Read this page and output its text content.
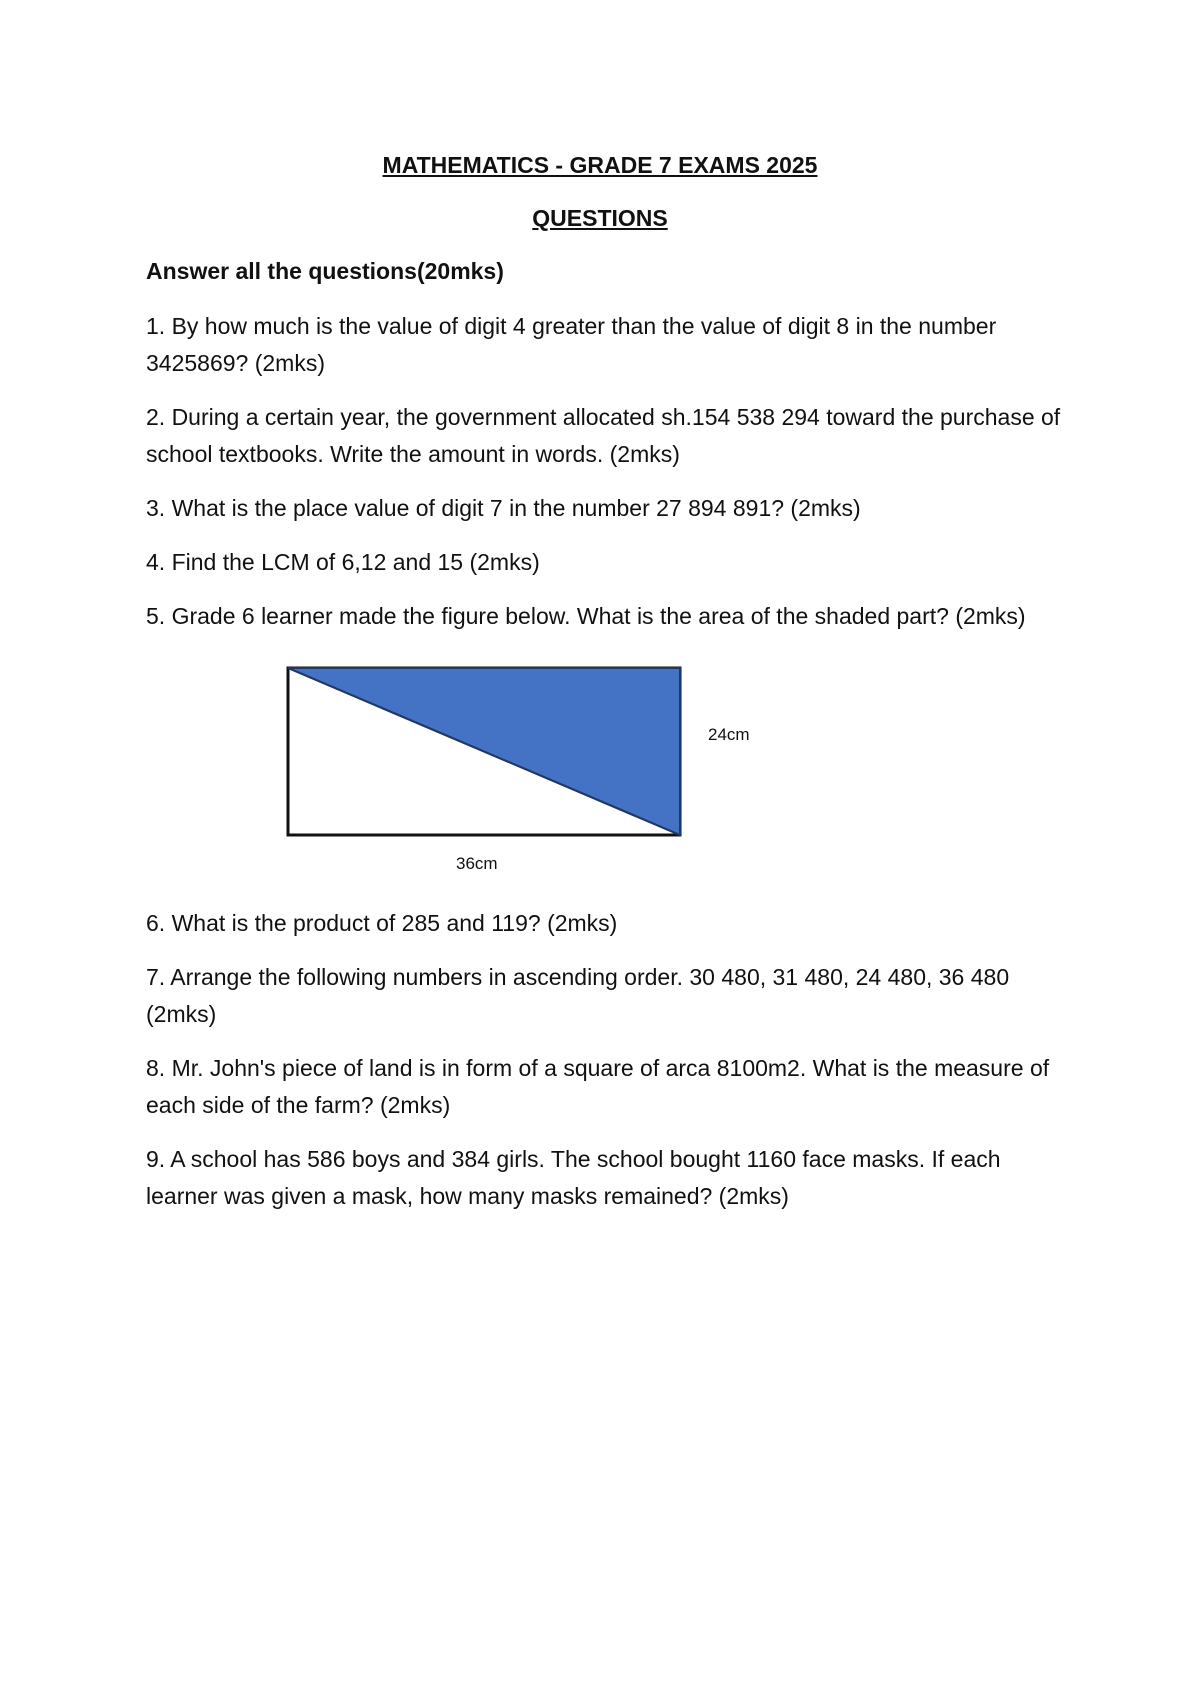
MATHEMATICS - GRADE 7 EXAMS 2025
QUESTIONS
Answer all the questions(20mks)
1. By how much is the value of digit 4 greater than the value of digit 8 in the number 3425869? (2mks)
2. During a certain year, the government allocated sh.154 538 294 toward the purchase of school textbooks. Write the amount in words. (2mks)
3. What is the place value of digit 7 in the number 27 894 891? (2mks)
4. Find the LCM of 6,12 and 15 (2mks)
5. Grade 6 learner made the figure below. What is the area of the shaded part? (2mks)
24cm
36cm
6. What is the product of 285 and 119? (2mks)
7. Arrange the following numbers in ascending order. 30 480, 31 480, 24 480, 36 480 (2mks)
8. Mr. John's piece of land is in form of a square of arca 8100m2. What is the measure of each side of the farm? (2mks)
9. A school has 586 boys and 384 girls. The school bought 1160 face masks. If each learner was given a mask, how many masks remained? (2mks)
